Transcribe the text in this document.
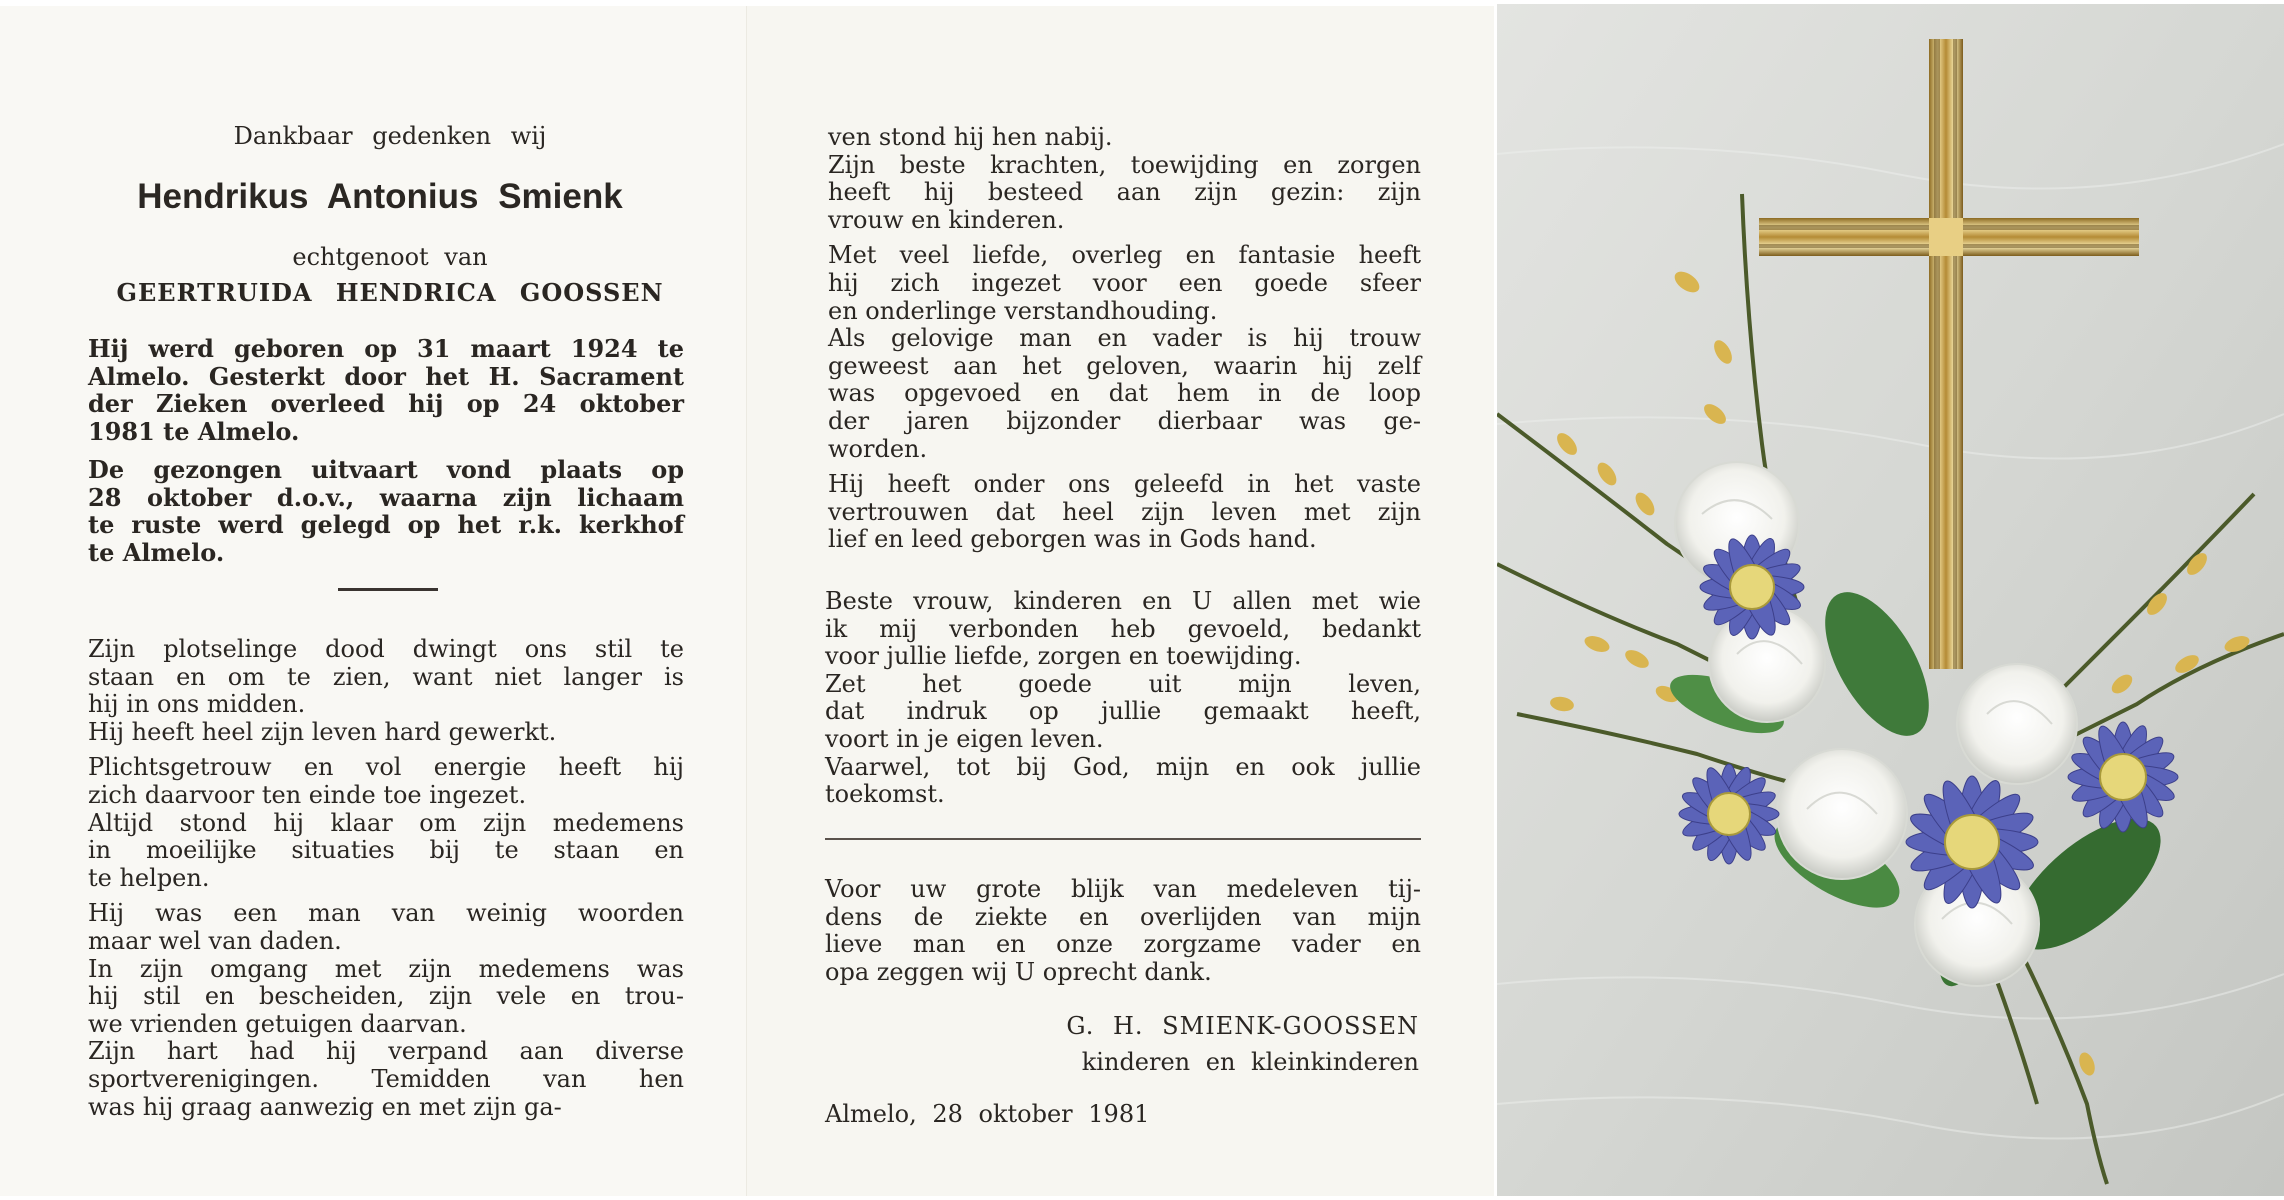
Dankbaar gedenken wij
Hendrikus Antonius Smienk
echtgenoot van
GEERTRUIDA HENDRICA GOOSSEN
Hij werd geboren op 31 maart 1924 te
Almelo. Gesterkt door het H. Sacrament
der Zieken overleed hij op 24 oktober
1981 te Almelo.
De gezongen uitvaart vond plaats op
28 oktober d.o.v., waarna zijn lichaam
te ruste werd gelegd op het r.k. kerkhof
te Almelo.
Zijn plotselinge dood dwingt ons stil te
staan en om te zien, want niet langer is
hij in ons midden.
Hij heeft heel zijn leven hard gewerkt.
Plichtsgetrouw en vol energie heeft hij
zich daarvoor ten einde toe ingezet.
Altijd stond hij klaar om zijn medemens
in moeilijke situaties bij te staan en
te helpen.
Hij was een man van weinig woorden
maar wel van daden.
In zijn omgang met zijn medemens was
hij stil en bescheiden, zijn vele en trou-
we vrienden getuigen daarvan.
Zijn hart had hij verpand aan diverse
sportverenigingen. Temidden van hen
was hij graag aanwezig en met zijn ga-
ven stond hij hen nabij.
Zijn beste krachten, toewijding en zorgen
heeft hij besteed aan zijn gezin: zijn
vrouw en kinderen.
Met veel liefde, overleg en fantasie heeft
hij zich ingezet voor een goede sfeer
en onderlinge verstandhouding.
Als gelovige man en vader is hij trouw
geweest aan het geloven, waarin hij zelf
was opgevoed en dat hem in de loop
der jaren bijzonder dierbaar was ge-
worden.
Hij heeft onder ons geleefd in het vaste
vertrouwen dat heel zijn leven met zijn
lief en leed geborgen was in Gods hand.
Beste vrouw, kinderen en U allen met wie
ik mij verbonden heb gevoeld, bedankt
voor jullie liefde, zorgen en toewijding.
Zet het goede uit mijn leven,
dat indruk op jullie gemaakt heeft,
voort in je eigen leven.
Vaarwel, tot bij God, mijn en ook jullie
toekomst.
Voor uw grote blijk van medeleven tij-
dens de ziekte en overlijden van mijn
lieve man en onze zorgzame vader en
opa zeggen wij U oprecht dank.
G. H. SMIENK-GOOSSEN
kinderen en kleinkinderen
Almelo, 28 oktober 1981
